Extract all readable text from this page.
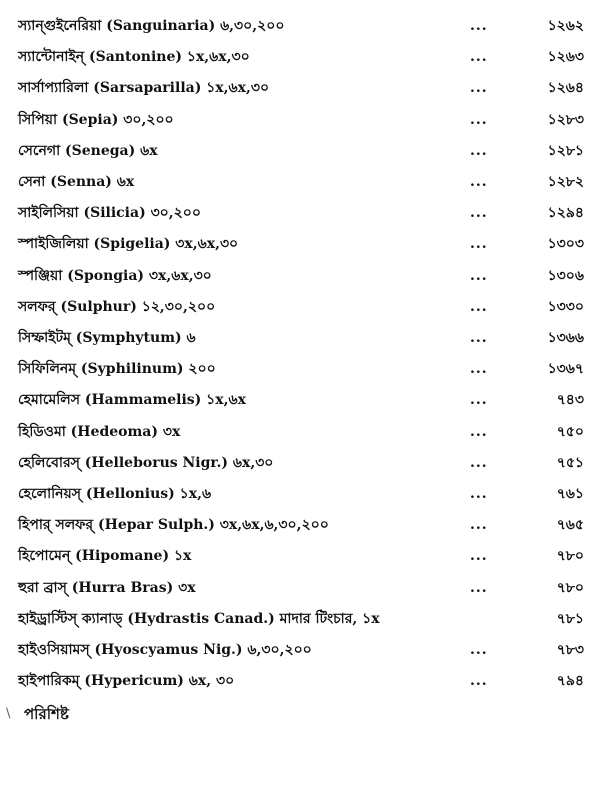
স্যান্গুইনেরিয়া (Sanguinaria) ৬,৩০,২০০	...	১২৬২
স্যান্টোনাইন্ (Santonine) ১x,৬x,৩০	...	১২৬৩
সার্সাপ্যারিলা (Sarsaparilla) ১x,৬x,৩০	...	১২৬৪
সিপিয়া (Sepia) ৩০,২০০	...	১২৮৩
সেনেগা (Senega) ৬x	...	১২৮১
সেনা (Senna) ৬x	...	১২৮২
সাইলিসিয়া (Silicia) ৩০,২০০	...	১২৯৪
স্পাইজিলিয়া (Spigelia) ৩x,৬x,৩০	...	১৩০৩
স্পঞ্জিয়া (Spongia) ৩x,৬x,৩০	...	১৩০৬
সলফর্ (Sulphur) ১২,৩০,২০০	...	১৩৩০
সিম্ফাইটম্ (Symphytum) ৬	...	১৩৬৬
সিফিলিনম্ (Syphilinum) ২০০	...	১৩৬৭
হেমামেলিস (Hammamelis) ১x,৬x	...	৭৪৩
হিডিওমা (Hedeoma) ৩x	...	৭৫০
হেলিবোরস্ (Helleborus Nigr.) ৬x,৩০	...	৭৫১
হেলোনিয়স্ (Hellonius) ১x,৬	...	৭৬১
হিপার্ সলফর্ (Hepar Sulph.) ৩x,৬x,৬,৩০,২০০	...	৭৬৫
হিপোমেন্ (Hipomane) ১x	...	৭৮০
হুরা ব্রাস্ (Hurra Bras) ৩x	...	৭৮০
হাইড্রাস্টিস্ ক্যানাড্ (Hydrastis Canad.) মাদার টিংচার, ১x	৭৮১
হাইওসিয়ামস্ (Hyoscyamus Nig.) ৬,৩০,২০০	...	৭৮৩
হাইপারিকম্ (Hypericum) ৬x, ৩০	...	৭৯৪
\ পরিশিষ্ট
